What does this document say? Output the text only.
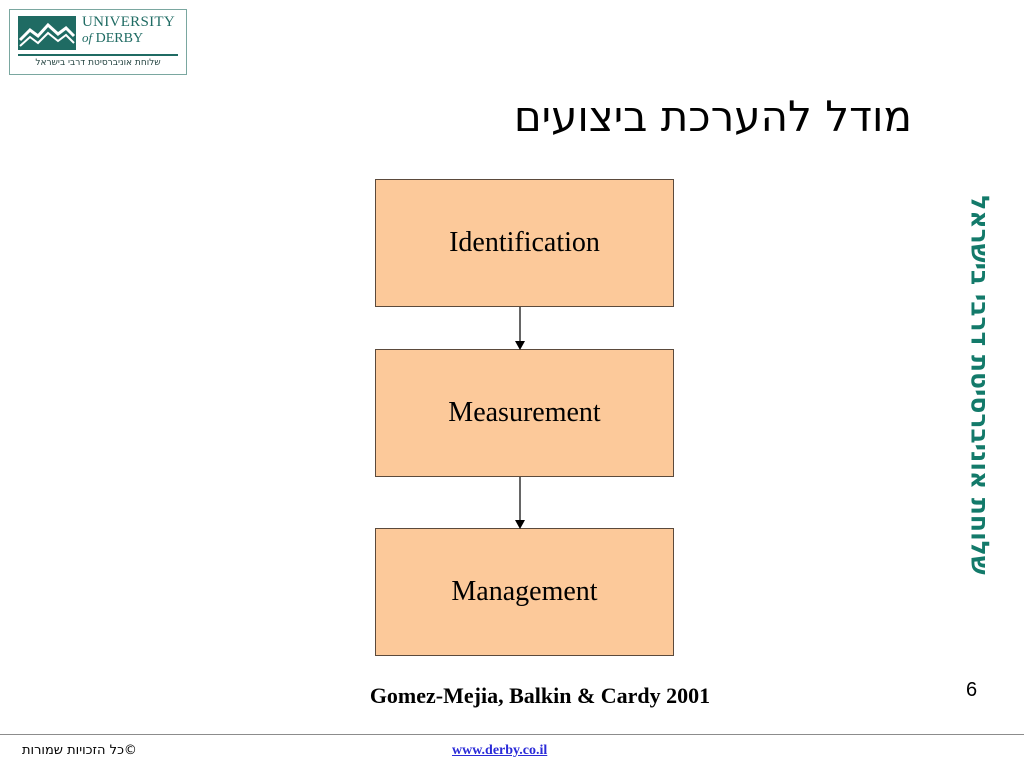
UNIVERSITY
of DERBY
שלוחת אוניברסיטת דרבי בישראל
מודל להערכת ביצועים
שלוחת אוניברסיטת דרבי בישראל
Identification
Measurement
Management
Gomez-Mejia, Balkin & Cardy 2001	6
©כל הזכויות שמורות	www.derby.co.il
